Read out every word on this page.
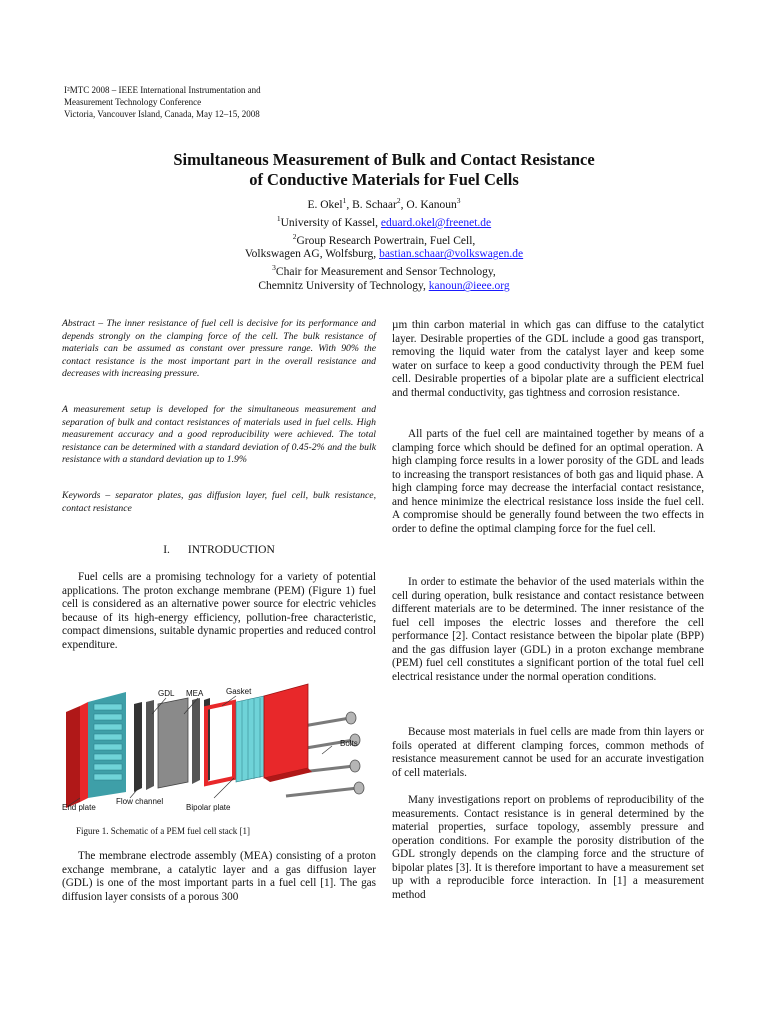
I²MTC 2008 – IEEE International Instrumentation and
Measurement Technology Conference
Victoria, Vancouver Island, Canada, May 12–15, 2008
Simultaneous Measurement of Bulk and Contact Resistance
of Conductive Materials for Fuel Cells
E. Okel$^1$, B. Schaar$^2$, O. Kanoun$^3$
$^1$University of Kassel, eduard.okel@freenet.de
$^2$Group Research Powertrain, Fuel Cell,
Volkswagen AG, Wolfsburg, bastian.schaar@volkswagen.de
$^3$Chair for Measurement and Sensor Technology,
Chemnitz University of Technology, kanoun@ieee.org
Abstract – The inner resistance of fuel cell is decisive for its performance and depends strongly on the clamping force of the cell. The bulk resistance of materials can be assumed as constant over pressure range. With 90% the contact resistance is the most important part in the overall resistance and decreases with increasing pressure.
A measurement setup is developed for the simultaneous measurement and separation of bulk and contact resistances of materials used in fuel cells. High measurement accuracy and a good reproducibility were achieved. The total resistance can be determined with a standard deviation of 0.45-2% and the bulk resistance with a standard deviation up to 1.9%
Keywords – separator plates, gas diffusion layer, fuel cell, bulk resistance, contact resistance
I. INTRODUCTION
Fuel cells are a promising technology for a variety of potential applications. The proton exchange membrane (PEM) (Figure 1) fuel cell is considered as an alternative power source for electric vehicles because of its high-energy efficiency, pollution-free characteristic, compact dimensions, suitable dynamic properties and reduced control expenditure.
GDL MEA	Gasket
Bolts
End plate
Flow channel
Bipolar plate
Figure 1. Schematic of a PEM fuel cell stack [1]
The membrane electrode assembly (MEA) consisting of a proton exchange membrane, a catalytic layer and a gas diffusion layer (GDL) is one of the most important parts in a fuel cell [1]. The gas diffusion layer consists of a porous 300
µm thin carbon material in which gas can diffuse to the catalytict layer. Desirable properties of the GDL include a good gas transport, removing the liquid water from the catalyst layer and keep some water on surface to keep a good conductivity through the PEM fuel cell. Desirable properties of a bipolar plate are a sufficient electrical and thermal conductivity, gas tightness and corrosion resistance.
All parts of the fuel cell are maintained together by means of a clamping force which should be defined for an optimal operation. A high clamping force results in a lower porosity of the GDL and leads to increasing the transport resistances of both gas and liquid phase. A high clamping force may decrease the interfacial contact resistance, and hence minimize the electrical resistance loss inside the fuel cell. A compromise should be generally found between the two effects in order to define the optimal clamping force for the fuel cell.
In order to estimate the behavior of the used materials within the cell during operation, bulk resistance and contact resistance between different materials are to be determined. The inner resistance of the fuel cell imposes the electric losses and therefore the cell performance [2]. Contact resistance between the bipolar plate (BPP) and the gas diffusion layer (GDL) in a proton exchange membrane (PEM) fuel cell constitutes a significant portion of the total fuel cell electrical resistance under the normal operation conditions.
Because most materials in fuel cells are made from thin layers or foils operated at different clamping forces, common methods of resistance measurement cannot be used for an accurate investigation of cell materials.
Many investigations report on problems of reproducibility of the measurements. Contact resistance is in general determined by the material properties, surface topology, assembly pressure and operation conditions. For example the porosity distribution of the GDL strongly depends on the clamping force and the structure of bipolar plates [3]. It is therefore important to have a measurement set up with a reproducible force interaction. In [1] a measurement method
